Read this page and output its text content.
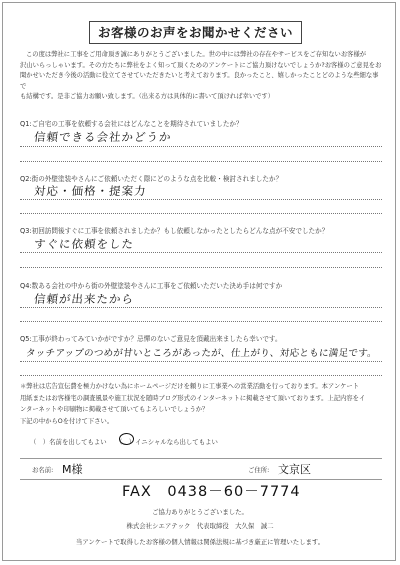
お客様のお声をお聞かせください

この度は弊社に工事をご用命頂き誠にありがとうございました。世の中には弊社の存在やサービスをご存知ないお客様が

沢山いらっしゃいます。その方たちに弊社をよく知って頂くためのアンケートにご協力頂けないでしょうか?お客様のご意見をお

聞かせいただき今後の活動に役立てさせていただきたいと考えております。良かったこと、嬉しかったことどのような些細な事で

も結構です。是非ご協力お願い致します。（出来る方は具体的に書いて頂ければ幸いです）

Q1:ご自宅の工事を依頼する会社にはどんなことを期待されていましたか？
信頼できる会社かどうか
Q2:街の外壁塗装やさんにご依頼いただく際にどのような点を比較・検討されましたか？
対応・価格・提案力
Q3:初回訪問後すぐに工事を依頼されましたか？もし依頼しなかったとしたらどんな点が不安でしたか？
すぐに依頼をした
Q4:数ある会社の中から街の外壁塗装やさんに工事をご依頼いただいた決め手は何ですか
信頼が出来たから
Q5:工事が終わってみていかがですか？忌憚のないご意見を頂戴出来ましたら幸いです。
タッチアップのつめが甘いところがあったが、仕上がり、対応ともに満足です。

＊弊社は広告宣伝費を極力かけない為にホームページだけを頼りに工事業への営業活動を行っております。本アンケート

用紙またはお客様宅の調査風景や施工状況を随時ブログ形式のインターネットに掲載させて頂いております。上記内容をイ

ンターネットや印刷物に掲載させて頂いてもよろしいでしょうか？

下記の中からOを付けて下さい。

（　）名前を出してもよい （　）イニシャルなら出してもよい
お名前: M様	ご住所: 文京区
FAX　0438－60－7774
ご協力ありがとうございました。
株式会社シエアテック　代表取締役　大久保　誠二
当アンケートで取得したお客様の個人情報は関係法規に基づき厳正に管理いたします。
